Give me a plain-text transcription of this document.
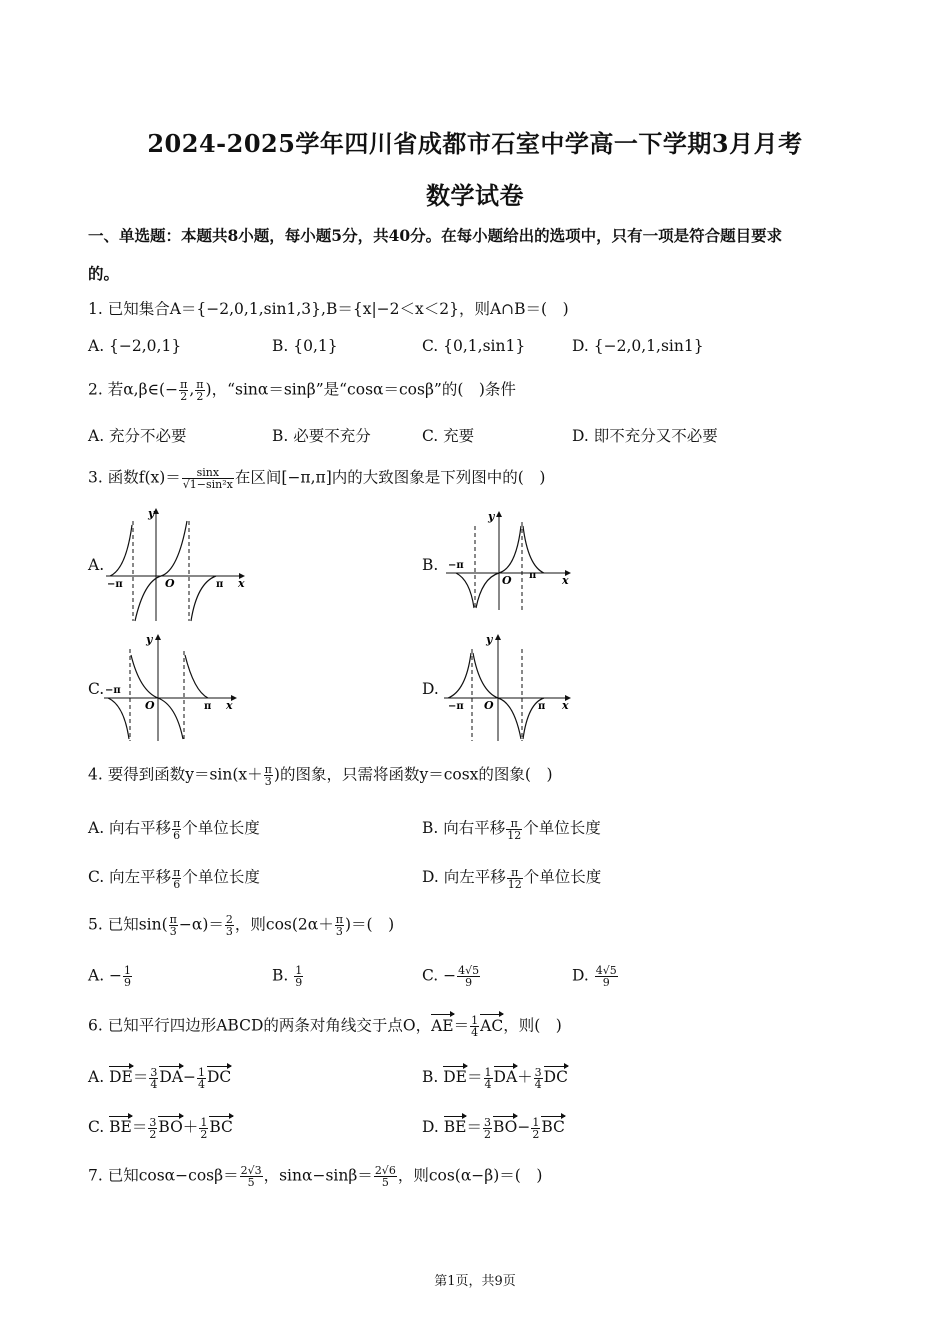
2024-2025学年四川省成都市石室中学高一下学期3月月考
数学试卷
一、单选题：本题共8小题，每小题5分，共40分。在每小题给出的选项中，只有一项是符合题目要求
的。
1. 已知集合A＝{−2,0,1,sin1,3},B＝{x|−2＜x＜2}，则A∩B＝(　)
A. {−2,0,1}	B. {0,1}	C. {0,1,sin1}	D. {−2,0,1,sin1}
2. 若α,β∈(− $\frac{\pi}{2}$ , $\frac{\pi}{2}$ )，“sinα＝sinβ”是“cosα＝cosβ”的(　)条件
A. 充分不必要	B. 必要不充分	C. 充要	D. 即不充分又不必要
3. 函数$f(x)= \frac{\sin x}{\text{√1−sin²x}}$ 在区间[−π,π]内的大致图象是下列图中的(　)
A.	B.
C.	D.
y
x
O
−π	π
y
x
O
−π
π
y
x
O
−π
π
y
x
O
−π	π
4. 要得到函数$y=\sin(x+ \frac{\pi}{3}$ )的图象，只需将函数y＝cosx的图象(　)
A. 向右平移 $\frac{\pi}{6}$ 个单位长度	B. 向右平移 $\frac{\pi}{12}$ 个单位长度
C. 向左平移 $\frac{\pi}{6}$ 个单位长度	D. 向左平移 $\frac{\pi}{12}$ 个单位长度
5. 已知$\sin( \frac{\pi}{3} -\alpha)= \frac{2}{3}$ ，则$\cos(2\alpha+ \frac{\pi}{3}$ )＝(　)
A. − $\frac{1}{9}$	B. $\frac{1}{9}$	C. − $\frac{4√5}{9}$	D. $\frac{4√5}{9}$
6. 已知平行四边形ABCD的两条对角线交于点O，$AE= \frac{1}{4}$ AC，则(　)
A. $DE= \frac{3}{4} DA- \frac{1}{4}$ DC	B. $DE= \frac{1}{4} DA+ \frac{3}{4}$ DC
C. $BE= \frac{3}{2} BO+ \frac{1}{2}$ BC	D. $BE= \frac{3}{2} BO- \frac{1}{2}$ BC
7. 已知$\cos\alpha-\cos\beta= \frac{2√3}{5}$ ，$\sin\alpha-\sin\beta= \frac{2√6}{5}$ ，则cos(α−β)＝(　)
第1页，共9页
